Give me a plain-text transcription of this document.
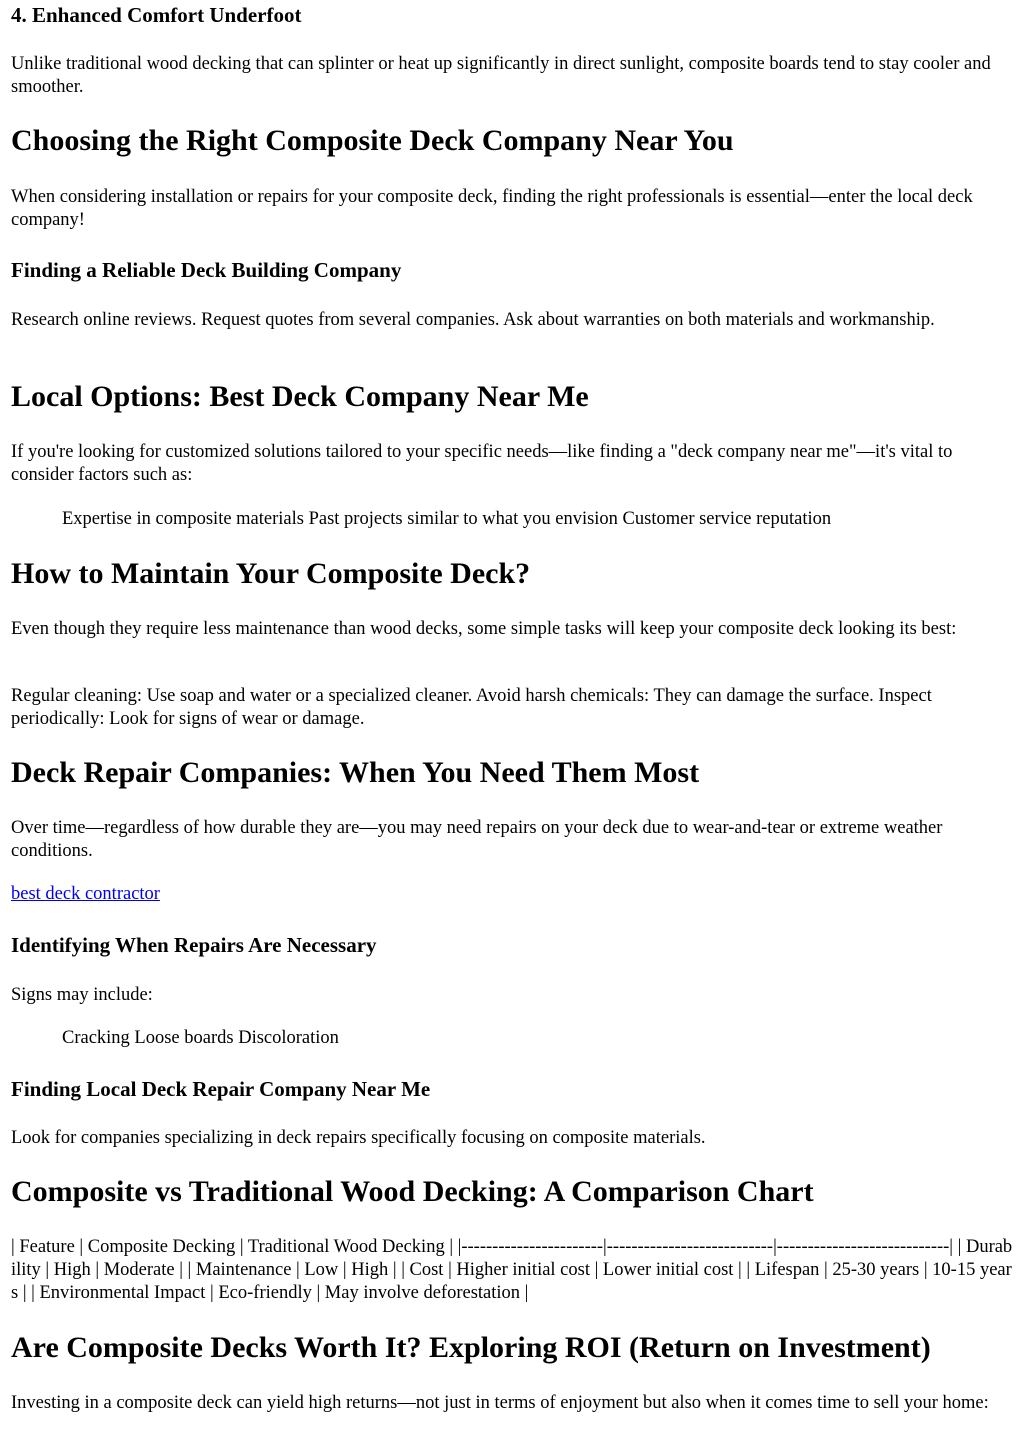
4. Enhanced Comfort Underfoot

Unlike traditional wood decking that can splinter or heat up significantly in direct sunlight, composite boards tend to stay cooler and smoother.

Choosing the Right Composite Deck Company Near You

When considering installation or repairs for your composite deck, finding the right professionals is essential—enter the local deck company!

Finding a Reliable Deck Building Company

Research online reviews. Request quotes from several companies. Ask about warranties on both materials and workmanship.

Local Options: Best Deck Company Near Me

If you're looking for customized solutions tailored to your specific needs—like finding a "deck company near me"—it's vital to consider factors such as:

Expertise in composite materials Past projects similar to what you envision Customer service reputation
How to Maintain Your Composite Deck?

Even though they require less maintenance than wood decks, some simple tasks will keep your composite deck looking its best:

Regular cleaning: Use soap and water or a specialized cleaner. Avoid harsh chemicals: They can damage the surface. Inspect periodically: Look for signs of wear or damage.

Deck Repair Companies: When You Need Them Most

Over time—regardless of how durable they are—you may need repairs on your deck due to wear-and-tear or extreme weather conditions.

best deck contractor

Identifying When Repairs Are Necessary

Signs may include:

Cracking Loose boards Discoloration
Finding Local Deck Repair Company Near Me

Look for companies specializing in deck repairs specifically focusing on composite materials.

Composite vs Traditional Wood Decking: A Comparison Chart

| Feature | Composite Decking | Traditional Wood Decking | |-----------------------|---------------------------|----------------------------| | Durability | High | Moderate | | Maintenance | Low | High | | Cost | Higher initial cost | Lower initial cost | | Lifespan | 25-30 years | 10-15 years | | Environmental Impact | Eco-friendly | May involve deforestation |

Are Composite Decks Worth It? Exploring ROI (Return on Investment)

Investing in a composite deck can yield high returns—not just in terms of enjoyment but also when it comes time to sell your home:
